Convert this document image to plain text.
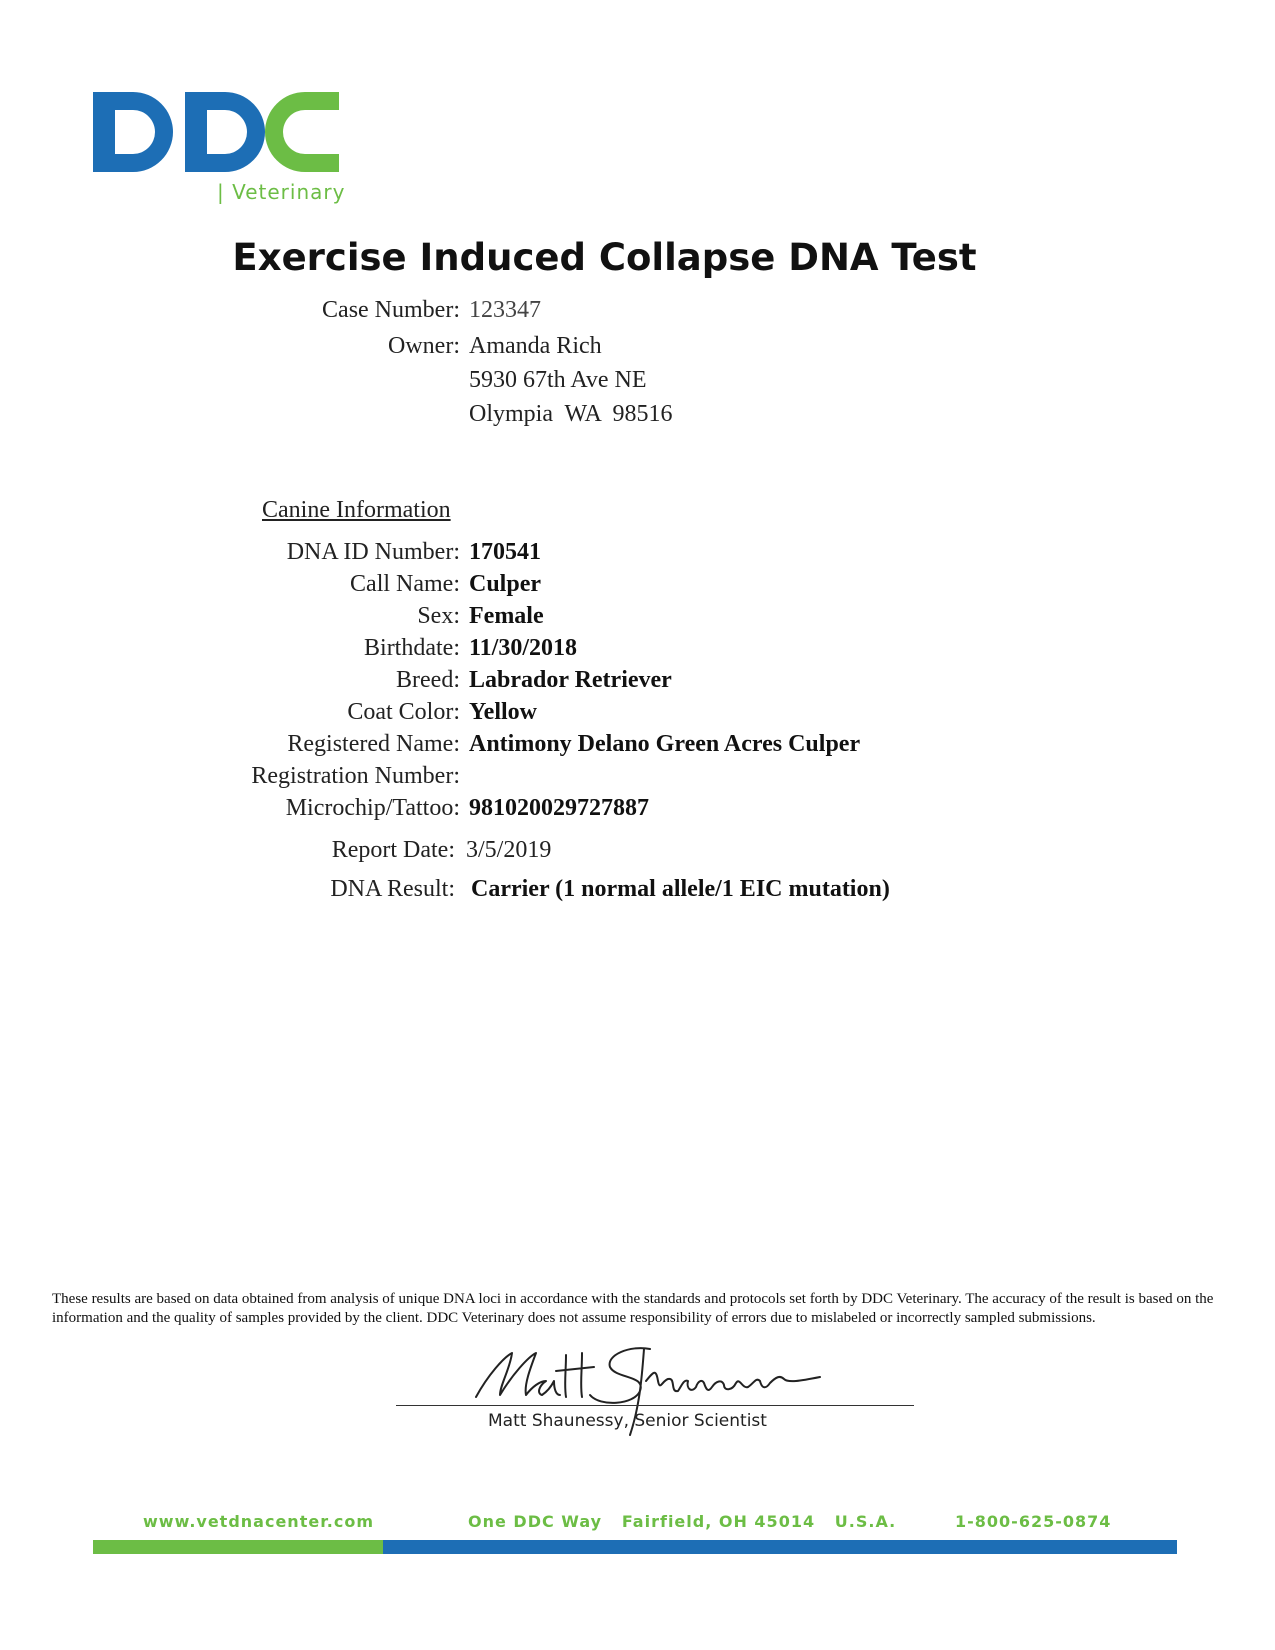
| Veterinary
Exercise Induced Collapse DNA Test
Case Number: 123347
Owner: Amanda Rich
5930 67th Ave NE
Olympia  WA  98516
Canine Information
DNA ID Number: 170541
Call Name: Culper
Sex: Female
Birthdate: 11/30/2018
Breed: Labrador Retriever
Coat Color: Yellow
Registered Name: Antimony Delano Green Acres Culper
Registration Number:
Microchip/Tattoo: 981020029727887
Report Date: 3/5/2019
DNA Result: Carrier (1 normal allele/1 EIC mutation)
These results are based on data obtained from analysis of unique DNA loci in accordance with the standards and protocols set forth by DDC Veterinary. The accuracy of the result is based on the information and the quality of samples provided by the client. DDC Veterinary does not assume responsibility of errors due to mislabeled or incorrectly sampled submissions.
Matt Shaunessy, Senior Scientist
www.vetdnacenter.com	One DDC Way   Fairfield, OH 45014   U.S.A.	1-800-625-0874
